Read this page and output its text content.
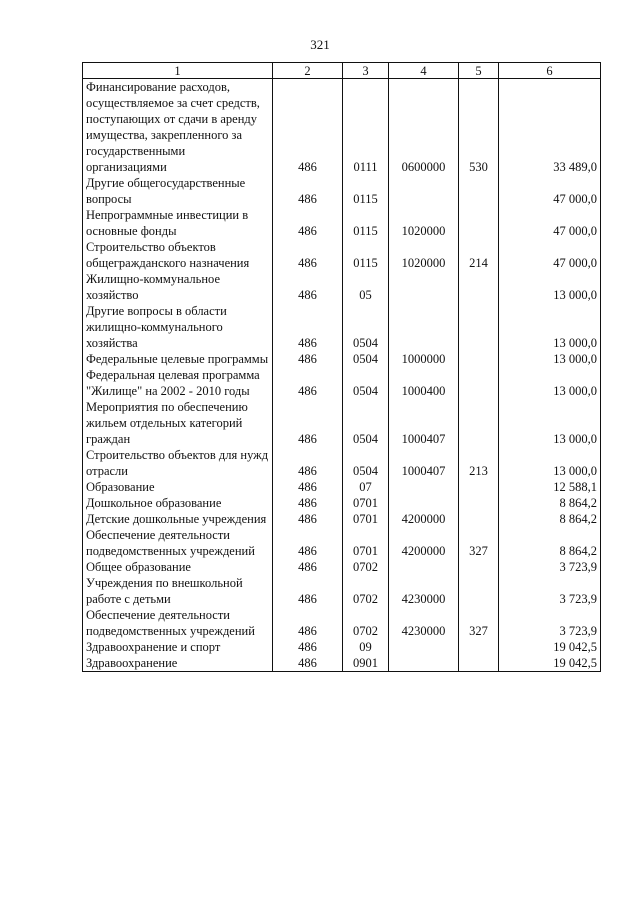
321
1	2	3	4	5	6
Финансирование расходов, осуществляемое за счет средств, поступающих от сдачи в аренду имущества, закрепленного за государственными организациями	486	0111	0600000	530	33 489,0
Другие общегосударственные вопросы	486	0115			47 000,0
Непрограммные инвестиции в основные фонды	486	0115	1020000		47 000,0
Строительство объектов общегражданского назначения	486	0115	1020000	214	47 000,0
Жилищно-коммунальное хозяйство	486	05			13 000,0
Другие вопросы в области жилищно-коммунального хозяйства	486	0504			13 000,0
Федеральные целевые программы	486	0504	1000000		13 000,0
Федеральная целевая программа "Жилище" на 2002 - 2010 годы	486	0504	1000400		13 000,0
Мероприятия по обеспечению жильем отдельных категорий граждан	486	0504	1000407		13 000,0
Строительство объектов для нужд отрасли	486	0504	1000407	213	13 000,0
Образование	486	07			12 588,1
Дошкольное образование	486	0701			8 864,2
Детские дошкольные учреждения	486	0701	4200000		8 864,2
Обеспечение деятельности подведомственных учреждений	486	0701	4200000	327	8 864,2
Общее образование	486	0702			3 723,9
Учреждения по внешкольной работе с детьми	486	0702	4230000		3 723,9
Обеспечение деятельности подведомственных учреждений	486	0702	4230000	327	3 723,9
Здравоохранение и спорт	486	09			19 042,5
Здравоохранение	486	0901			19 042,5
